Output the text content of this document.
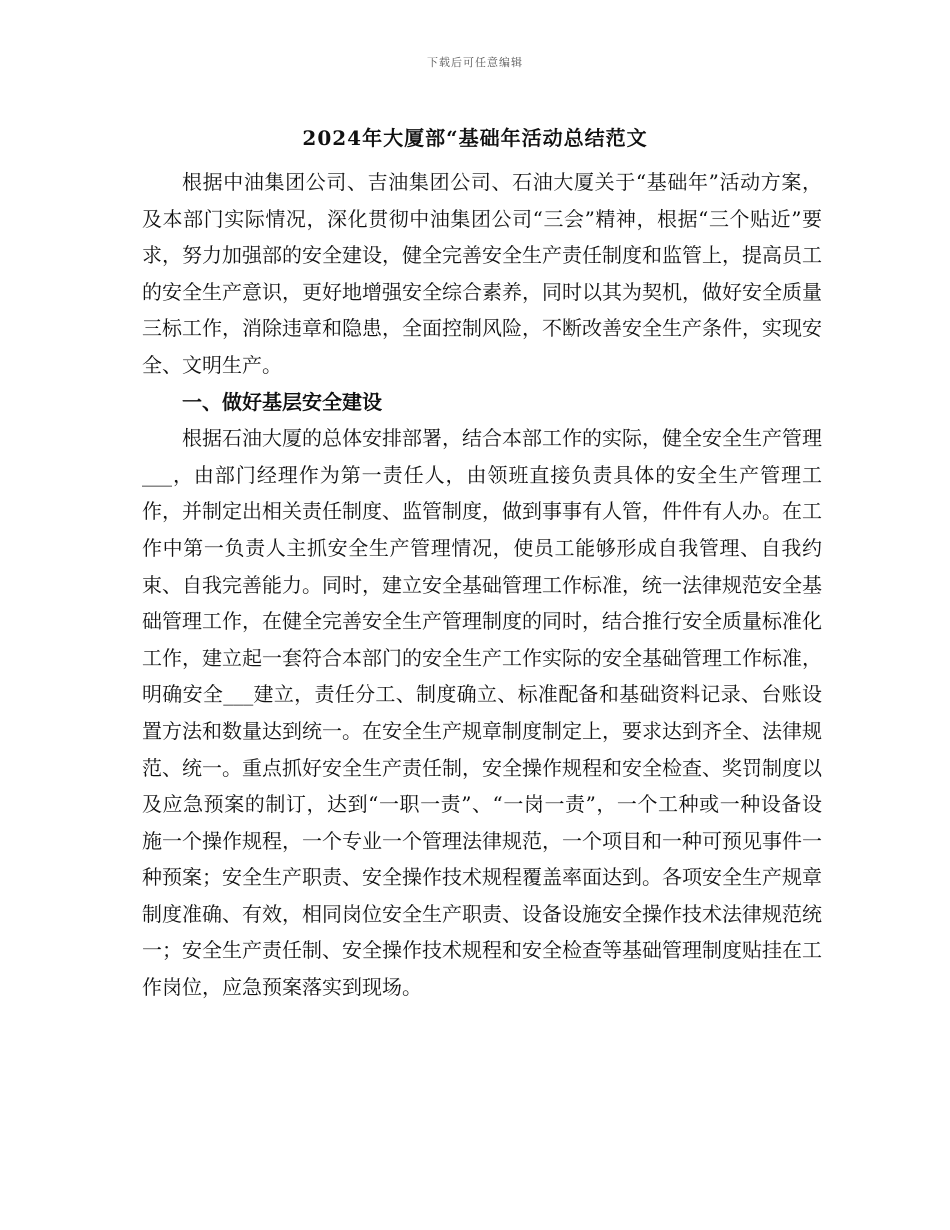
下载后可任意编辑
2024年大厦部“基础年活动总结范文

根据中油集团公司、吉油集团公司、石油大厦关于“基础年”活动方案，及本部门实际情况，深化贯彻中油集团公司“三会”精神，根据“三个贴近”要求，努力加强部的安全建设，健全完善安全生产责任制度和监管上，提高员工的安全生产意识，更好地增强安全综合素养，同时以其为契机，做好安全质量三标工作，消除违章和隐患，全面控制风险，不断改善安全生产条件，实现安全、文明生产。

一、做好基层安全建设

根据石油大厦的总体安排部署，结合本部工作的实际，健全安全生产管理___，由部门经理作为第一责任人，由领班直接负责具体的安全生产管理工作，并制定出相关责任制度、监管制度，做到事事有人管，件件有人办。在工作中第一负责人主抓安全生产管理情况，使员工能够形成自我管理、自我约束、自我完善能力。同时，建立安全基础管理工作标准，统一法律规范安全基础管理工作，在健全完善安全生产管理制度的同时，结合推行安全质量标准化工作，建立起一套符合本部门的安全生产工作实际的安全基础管理工作标准，明确安全___建立，责任分工、制度确立、标准配备和基础资料记录、台账设置方法和数量达到统一。在安全生产规章制度制定上，要求达到齐全、法律规范、统一。重点抓好安全生产责任制，安全操作规程和安全检查、奖罚制度以及应急预案的制订，达到“一职一责”、“一岗一责”，一个工种或一种设备设施一个操作规程，一个专业一个管理法律规范，一个项目和一种可预见事件一种预案；安全生产职责、安全操作技术规程覆盖率面达到。各项安全生产规章制度准确、有效，相同岗位安全生产职责、设备设施安全操作技术法律规范统一；安全生产责任制、安全操作技术规程和安全检查等基础管理制度贴挂在工作岗位，应急预案落实到现场。
